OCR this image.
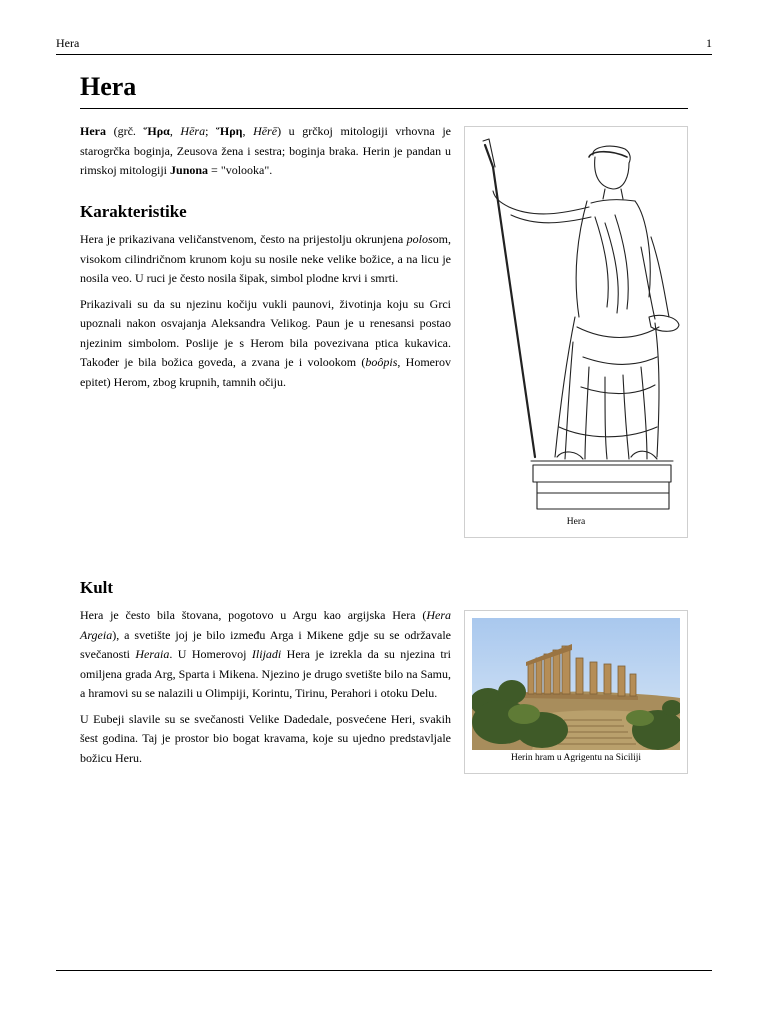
Hera	1
Hera

Hera (grč. Ἥρα, Hēra; Ἥρη, Hērē) u grčkoj mitologiji vrhovna je starogrčka boginja, Zeusova žena i sestra; boginja braka. Herin je pandan u rimskoj mitologiji Junona = "volooka".

Karakteristike

Hera je prikazivana veličanstvenom, često na prijestolju okrunjena polosom, visokom cilindričnom krunom koju su nosile neke velike božice, a na licu je nosila veo. U ruci je često nosila šipak, simbol plodne krvi i smrti.

Prikazivali su da su njezinu kočiju vukli paunovi, životinja koju su Grci upoznali nakon osvajanja Aleksandra Velikog. Paun je u renesansi postao njezinim simbolom. Poslije je s Herom bila povezivana ptica kukavica. Također je bila božica goveda, a zvana je i volookom (boôpis, Homerov epitet) Herom, zbog krupnih, tamnih očiju.

Kult

Hera je često bila štovana, pogotovo u Argu kao argijska Hera (Hera Argeia), a svetište joj je bilo između Arga i Mikene gdje su se održavale svečanosti Heraia. U Homerovoj Ilijadi Hera je izrekla da su njezina tri omiljena grada Arg, Sparta i Mikena. Njezino je drugo svetište bilo na Samu, a hramovi su se nalazili u Olimpiji, Korintu, Tirinu, Perahori i otoku Delu.

U Eubeji slavile su se svečanosti Velike Dadedale, posvećene Heri, svakih šest godina. Taj je prostor bio bogat kravama, koje su ujedno predstavljale božicu Heru.

Hera
Herin hram u Agrigentu na Siciliji
